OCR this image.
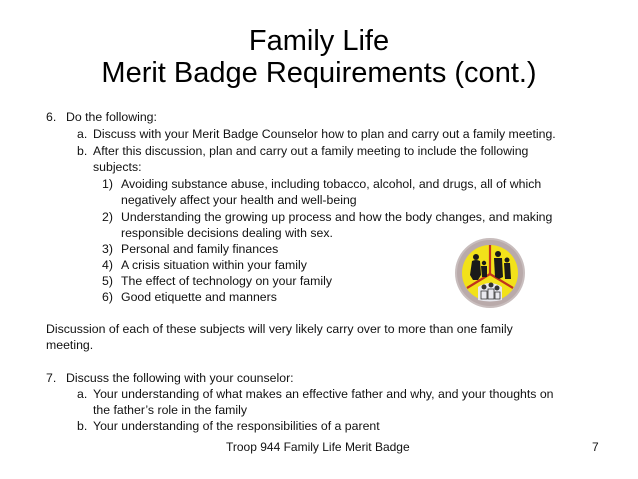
Family Life
Merit Badge Requirements (cont.)
6. Do the following:
a. Discuss with your Merit Badge Counselor how to plan and carry out a family meeting.
b. After this discussion, plan and carry out a family meeting to include the following
subjects:
1) Avoiding substance abuse, including tobacco, alcohol, and drugs, all of which
negatively affect your health and well-being
2) Understanding the growing up process and how the body changes, and making
responsible decisions dealing with sex.
3) Personal and family finances
4) A crisis situation within your family
5) The effect of technology on your family
6) Good etiquette and manners
Discussion of each of these subjects will very likely carry over to more than one family
meeting.
7. Discuss the following with your counselor:
a. Your understanding of what makes an effective father and why, and your thoughts on
the father’s role in the family
b. Your understanding of the responsibilities of a parent
Troop 944 Family Life Merit Badge	7
